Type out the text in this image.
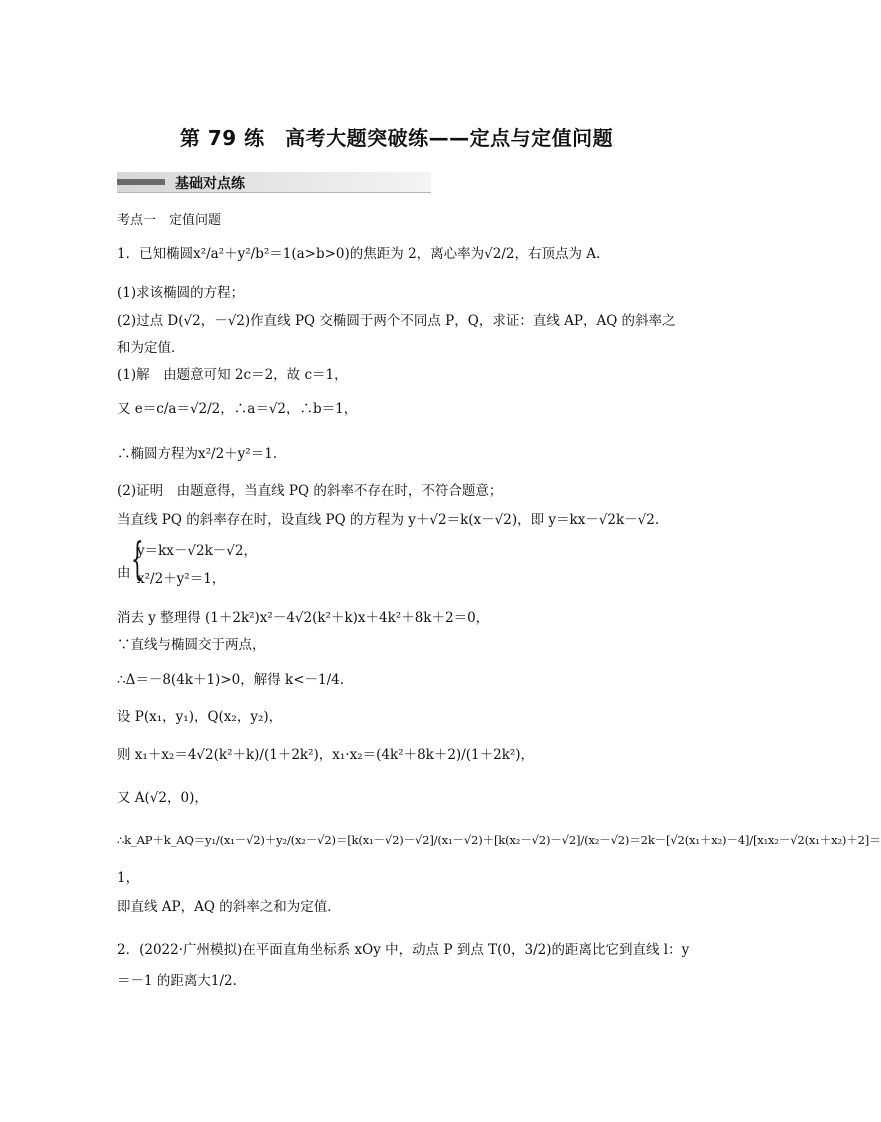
第 79 练　高考大题突破练——定点与定值问题
基础对点练
考点一　定值问题
1．已知椭圆x²/a²＋y²/b²＝1(a>b>0)的焦距为 2，离心率为√2/2，右顶点为 A.
(1)求该椭圆的方程；
(2)过点 D(√2，－√2)作直线 PQ 交椭圆于两个不同点 P，Q，求证：直线 AP，AQ 的斜率之
和为定值．
(1)解　由题意可知 2c＝2，故 c＝1，
又 e＝c/a＝√2/2，∴a＝√2，∴b＝1，
∴椭圆方程为x²/2＋y²＝1.
(2)证明　由题意得，当直线 PQ 的斜率不存在时，不符合题意；
当直线 PQ 的斜率存在时，设直线 PQ 的方程为 y＋√2＝k(x－√2)，即 y＝kx－√2k－√2.
由 {
y＝kx－√2k－√2，
x²/2＋y²＝1，
消去 y 整理得 (1＋2k²)x²－4√2(k²＋k)x＋4k²＋8k＋2＝0，
∵直线与椭圆交于两点，
∴Δ＝－8(4k＋1)>0，解得 k<－1/4.
设 P(x₁，y₁)，Q(x₂，y₂)，
则 x₁＋x₂＝4√2(k²＋k)/(1＋2k²)，x₁·x₂＝(4k²＋8k＋2)/(1＋2k²)，
又 A(√2，0)，
∴k_AP＋k_AQ＝y₁/(x₁－√2)＋y₂/(x₂－√2)＝[k(x₁－√2)－√2]/(x₁－√2)＋[k(x₂－√2)－√2]/(x₂－√2)＝2k－[√2(x₁＋x₂)－4]/[x₁x₂－√2(x₁＋x₂)＋2]＝
1，
即直线 AP，AQ 的斜率之和为定值．
2．(2022·广州模拟)在平面直角坐标系 xOy 中，动点 P 到点 T(0，3/2)的距离比它到直线 l：y
＝－1 的距离大1/2.
